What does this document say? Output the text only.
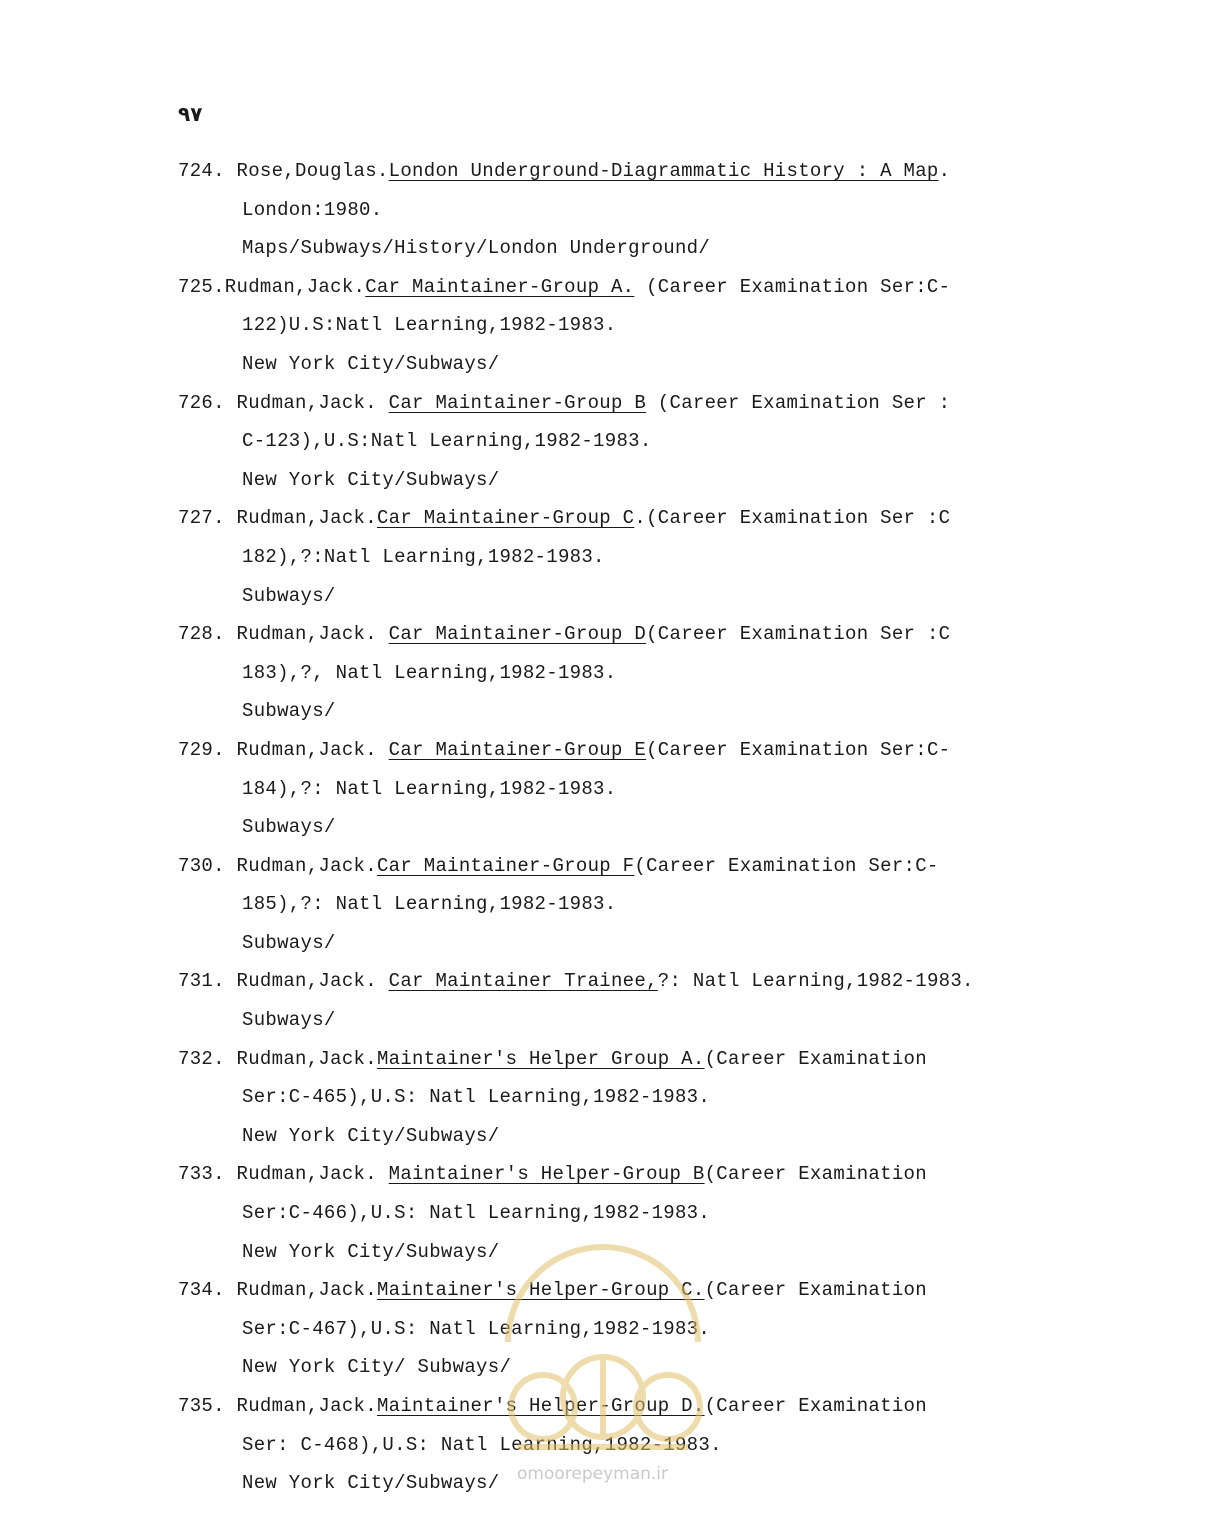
۹۷
724. Rose,Douglas.London Underground-Diagrammatic History : A Map.
London:1980.
Maps/Subways/History/London Underground/
725.Rudman,Jack.Car Maintainer-Group A. (Career Examination Ser:C-
122)U.S:Natl Learning,1982-1983.
New York City/Subways/
726. Rudman,Jack. Car Maintainer-Group B (Career Examination Ser :
C-123),U.S:Natl Learning,1982-1983.
New York City/Subways/
727. Rudman,Jack.Car Maintainer-Group C.(Career Examination Ser :C
182),?:Natl Learning,1982-1983.
Subways/
728. Rudman,Jack. Car Maintainer-Group D(Career Examination Ser :C
183),?, Natl Learning,1982-1983.
Subways/
729. Rudman,Jack. Car Maintainer-Group E(Career Examination Ser:C-
184),?: Natl Learning,1982-1983.
Subways/
730. Rudman,Jack.Car Maintainer-Group F(Career Examination Ser:C-
185),?: Natl Learning,1982-1983.
Subways/
731. Rudman,Jack. Car Maintainer Trainee,?: Natl Learning,1982-1983.
Subways/
732. Rudman,Jack.Maintainer's Helper Group A.(Career Examination
Ser:C-465),U.S: Natl Learning,1982-1983.
New York City/Subways/
733. Rudman,Jack. Maintainer's Helper-Group B(Career Examination
Ser:C-466),U.S: Natl Learning,1982-1983.
New York City/Subways/
734. Rudman,Jack.Maintainer's Helper-Group C.(Career Examination
Ser:C-467),U.S: Natl Learning,1982-1983.
New York City/ Subways/
735. Rudman,Jack.Maintainer's Helper-Group D.(Career Examination
Ser: C-468),U.S: Natl Learning,1982-1983.
New York City/Subways/	omoorepeyman.ir
